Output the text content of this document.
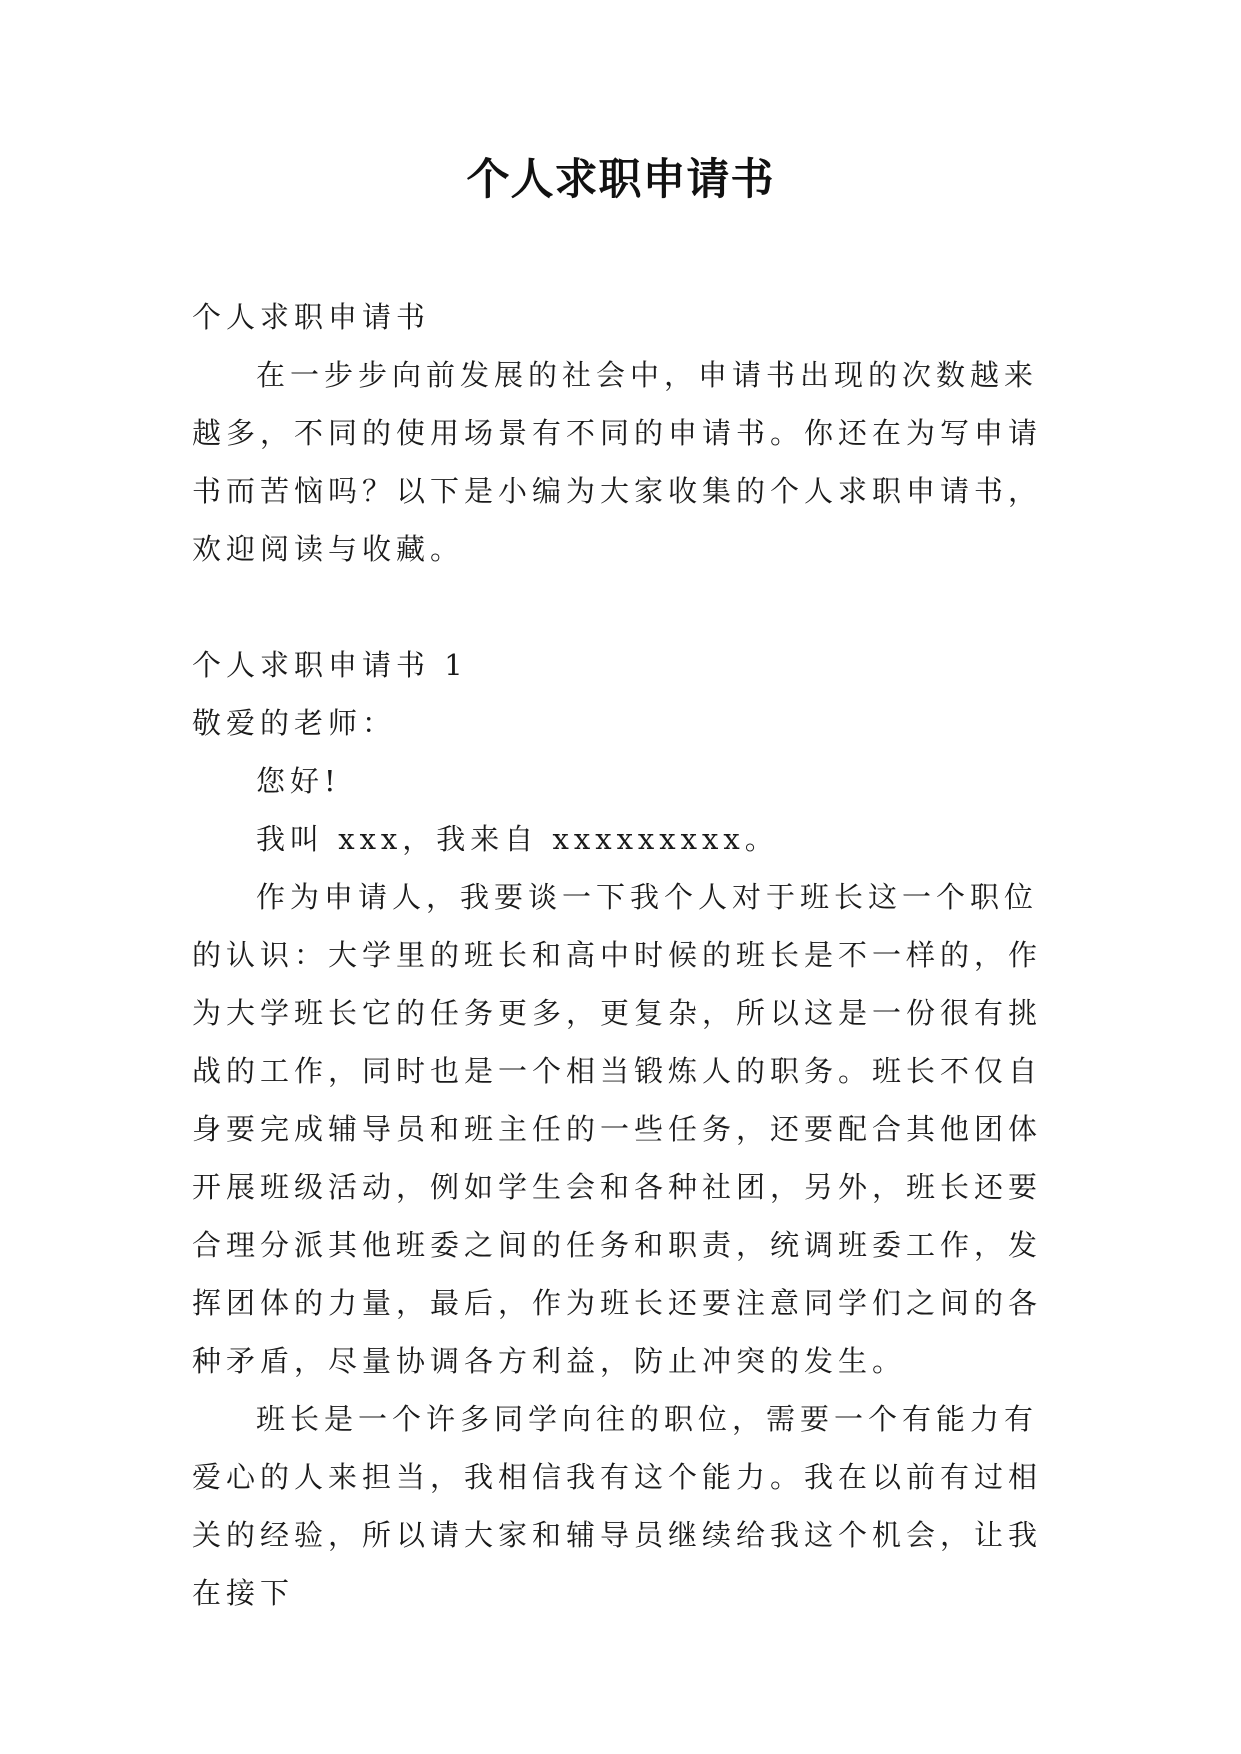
个人求职申请书

个人求职申请书

在一步步向前发展的社会中，申请书出现的次数越来越多，不同的使用场景有不同的申请书。你还在为写申请书而苦恼吗？以下是小编为大家收集的个人求职申请书，欢迎阅读与收藏。

个人求职申请书 1

敬爱的老师：

您好!

我叫 xxx，我来自 xxxxxxxxx。

作为申请人，我要谈一下我个人对于班长这一个职位的认识：大学里的班长和高中时候的班长是不一样的，作为大学班长它的任务更多，更复杂，所以这是一份很有挑战的工作，同时也是一个相当锻炼人的职务。班长不仅自身要完成辅导员和班主任的一些任务，还要配合其他团体开展班级活动，例如学生会和各种社团，另外，班长还要合理分派其他班委之间的任务和职责，统调班委工作，发挥团体的力量，最后，作为班长还要注意同学们之间的各种矛盾，尽量协调各方利益，防止冲突的发生。

班长是一个许多同学向往的职位，需要一个有能力有爱心的人来担当，我相信我有这个能力。我在以前有过相关的经验，所以请大家和辅导员继续给我这个机会，让我在接下
